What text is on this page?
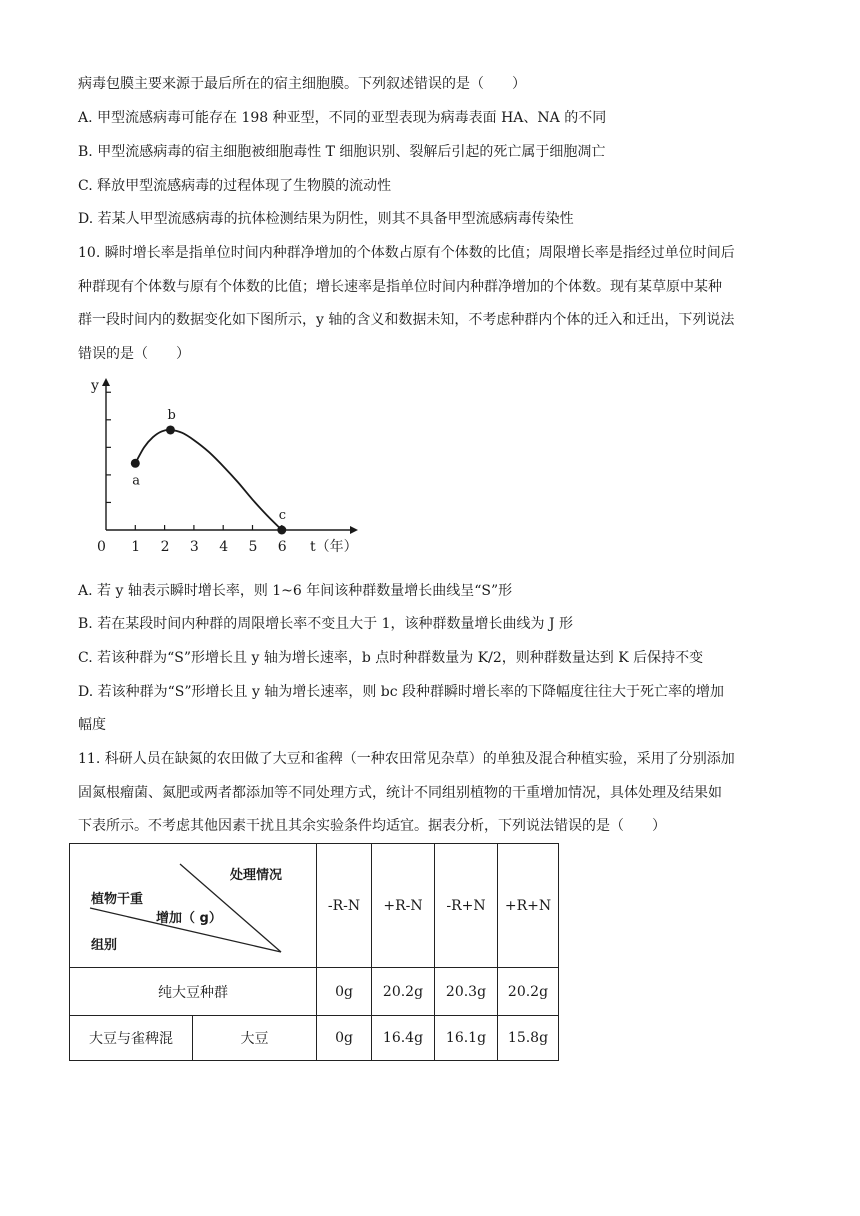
病毒包膜主要来源于最后所在的宿主细胞膜。下列叙述错误的是（　　）
A. 甲型流感病毒可能存在 198 种亚型，不同的亚型表现为病毒表面 HA、NA 的不同
B. 甲型流感病毒的宿主细胞被细胞毒性 T 细胞识别、裂解后引起的死亡属于细胞凋亡
C. 释放甲型流感病毒的过程体现了生物膜的流动性
D. 若某人甲型流感病毒的抗体检测结果为阴性，则其不具备甲型流感病毒传染性
10. 瞬时增长率是指单位时间内种群净增加的个体数占原有个体数的比值；周限增长率是指经过单位时间后
种群现有个体数与原有个体数的比值；增长速率是指单位时间内种群净增加的个体数。现有某草原中某种
群一段时间内的数据变化如下图所示，y 轴的含义和数据未知，不考虑种群内个体的迁入和迁出，下列说法
错误的是（　　）
y
t（年）
0 1 2 3 4 5 6
a
b
c
A. 若 y 轴表示瞬时增长率，则 1~6 年间该种群数量增长曲线呈“S”形
B. 若在某段时间内种群的周限增长率不变且大于 1，该种群数量增长曲线为 J 形
C. 若该种群为“S”形增长且 y 轴为增长速率，b 点时种群数量为 K/2，则种群数量达到 K 后保持不变
D. 若该种群为“S”形增长且 y 轴为增长速率，则 bc 段种群瞬时增长率的下降幅度往往大于死亡率的增加
幅度
11. 科研人员在缺氮的农田做了大豆和雀稗（一种农田常见杂草）的单独及混合种植实验，采用了分别添加
固氮根瘤菌、氮肥或两者都添加等不同处理方式，统计不同组别植物的干重增加情况，具体处理及结果如
下表所示。不考虑其他因素干扰且其余实验条件均适宜。据表分析，下列说法错误的是（　　）
处理情况
植物干重
增加（ g）
组别		-R-N	+R-N	-R+N	+R+N
纯大豆种群		0g	20.2g	20.3g	20.2g
大豆与雀稗混	大豆	0g	16.4g	16.1g	15.8g
